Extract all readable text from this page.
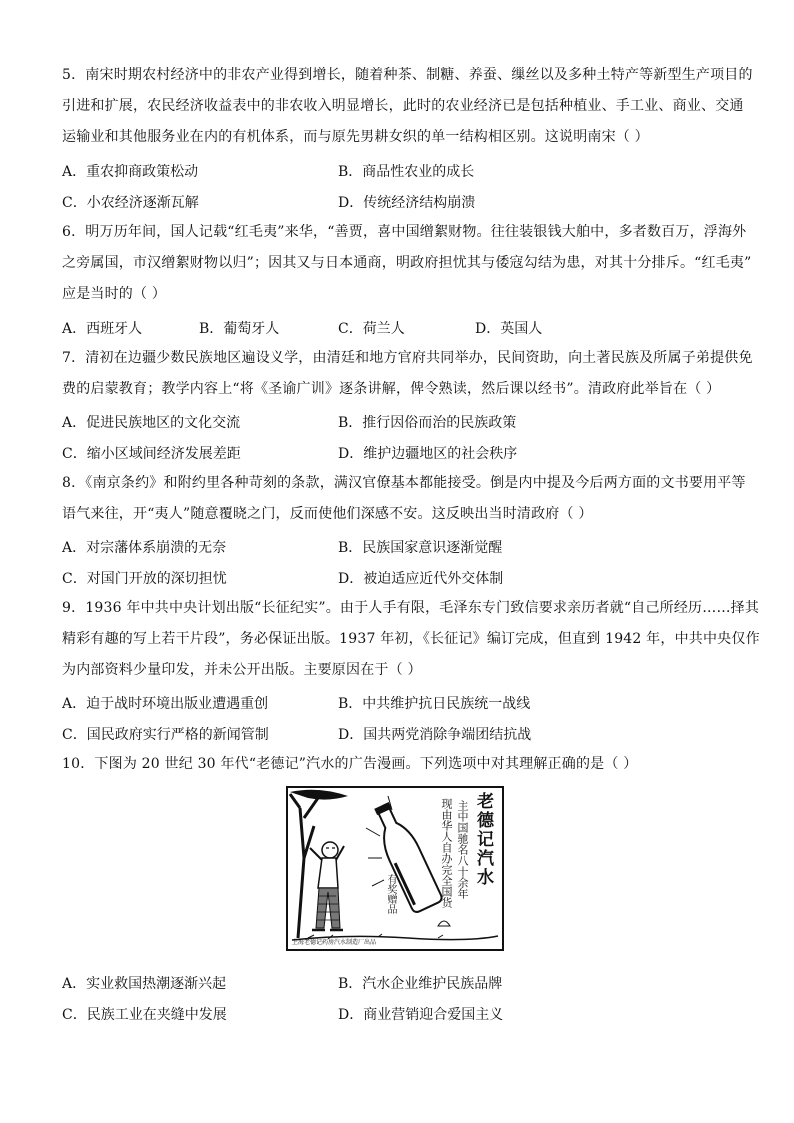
5．南宋时期农村经济中的非农产业得到增长，随着种茶、制糖、养蚕、缫丝以及多种土特产等新型生产项目的
引进和扩展，农民经济收益表中的非农收入明显增长，此时的农业经济已是包括种植业、手工业、商业、交通
运输业和其他服务业在内的有机体系，而与原先男耕女织的单一结构相区别。这说明南宋（ ）
A．重农抑商政策松动	B．商品性农业的成长
C．小农经济逐渐瓦解	D．传统经济结构崩溃
6．明万历年间，国人记载“红毛夷”来华，“善贾，喜中国缯絮财物。往往装银钱大舶中，多者数百万，浮海外
之旁属国，市汉缯絮财物以归”；因其又与日本通商，明政府担忧其与倭寇勾结为患，对其十分排斥。“红毛夷”
应是当时的（ ）
A．西班牙人	B．葡萄牙人	C．荷兰人	D．英国人
7．清初在边疆少数民族地区遍设义学，由清廷和地方官府共同举办，民间资助，向土著民族及所属子弟提供免
费的启蒙教育；教学内容上“将《圣谕广训》逐条讲解，俾令熟读，然后课以经书”。清政府此举旨在（ ）
A．促进民族地区的文化交流	B．推行因俗而治的民族政策
C．缩小区域间经济发展差距	D．维护边疆地区的社会秩序
8．《南京条约》和附约里各种苛刻的条款，满汉官僚基本都能接受。倒是内中提及今后两方面的文书要用平等
语气来往，开“夷人”随意覆晓之门，反而使他们深感不安。这反映出当时清政府（ ）
A．对宗藩体系崩溃的无奈	B．民族国家意识逐渐觉醒
C．对国门开放的深切担忧	D．被迫适应近代外交体制
9．1936 年中共中央计划出版“长征纪实”。由于人手有限，毛泽东专门致信要求亲历者就“自己所经历……择其
精彩有趣的写上若干片段”，务必保证出版。1937 年初，《长征记》编订完成，但直到 1942 年，中共中央仅作
为内部资料少量印发，并未公开出版。主要原因在于（ ）
A．迫于战时环境出版业遭遇重创	B．中共维护抗日民族统一战线
C．国民政府实行严格的新闻管制	D．国共两党消除争端团结抗战
10．下图为 20 世纪 30 年代“老德记”汽水的广告漫画。下列选项中对其理解正确的是（ ）
老德记汽水
主中国驰名八十余年
现由华人自办完全国货
有奖赠品
上海老德记药房汽水制造厂出品
A．实业救国热潮逐渐兴起	B．汽水企业维护民族品牌
C．民族工业在夹缝中发展	D．商业营销迎合爱国主义
